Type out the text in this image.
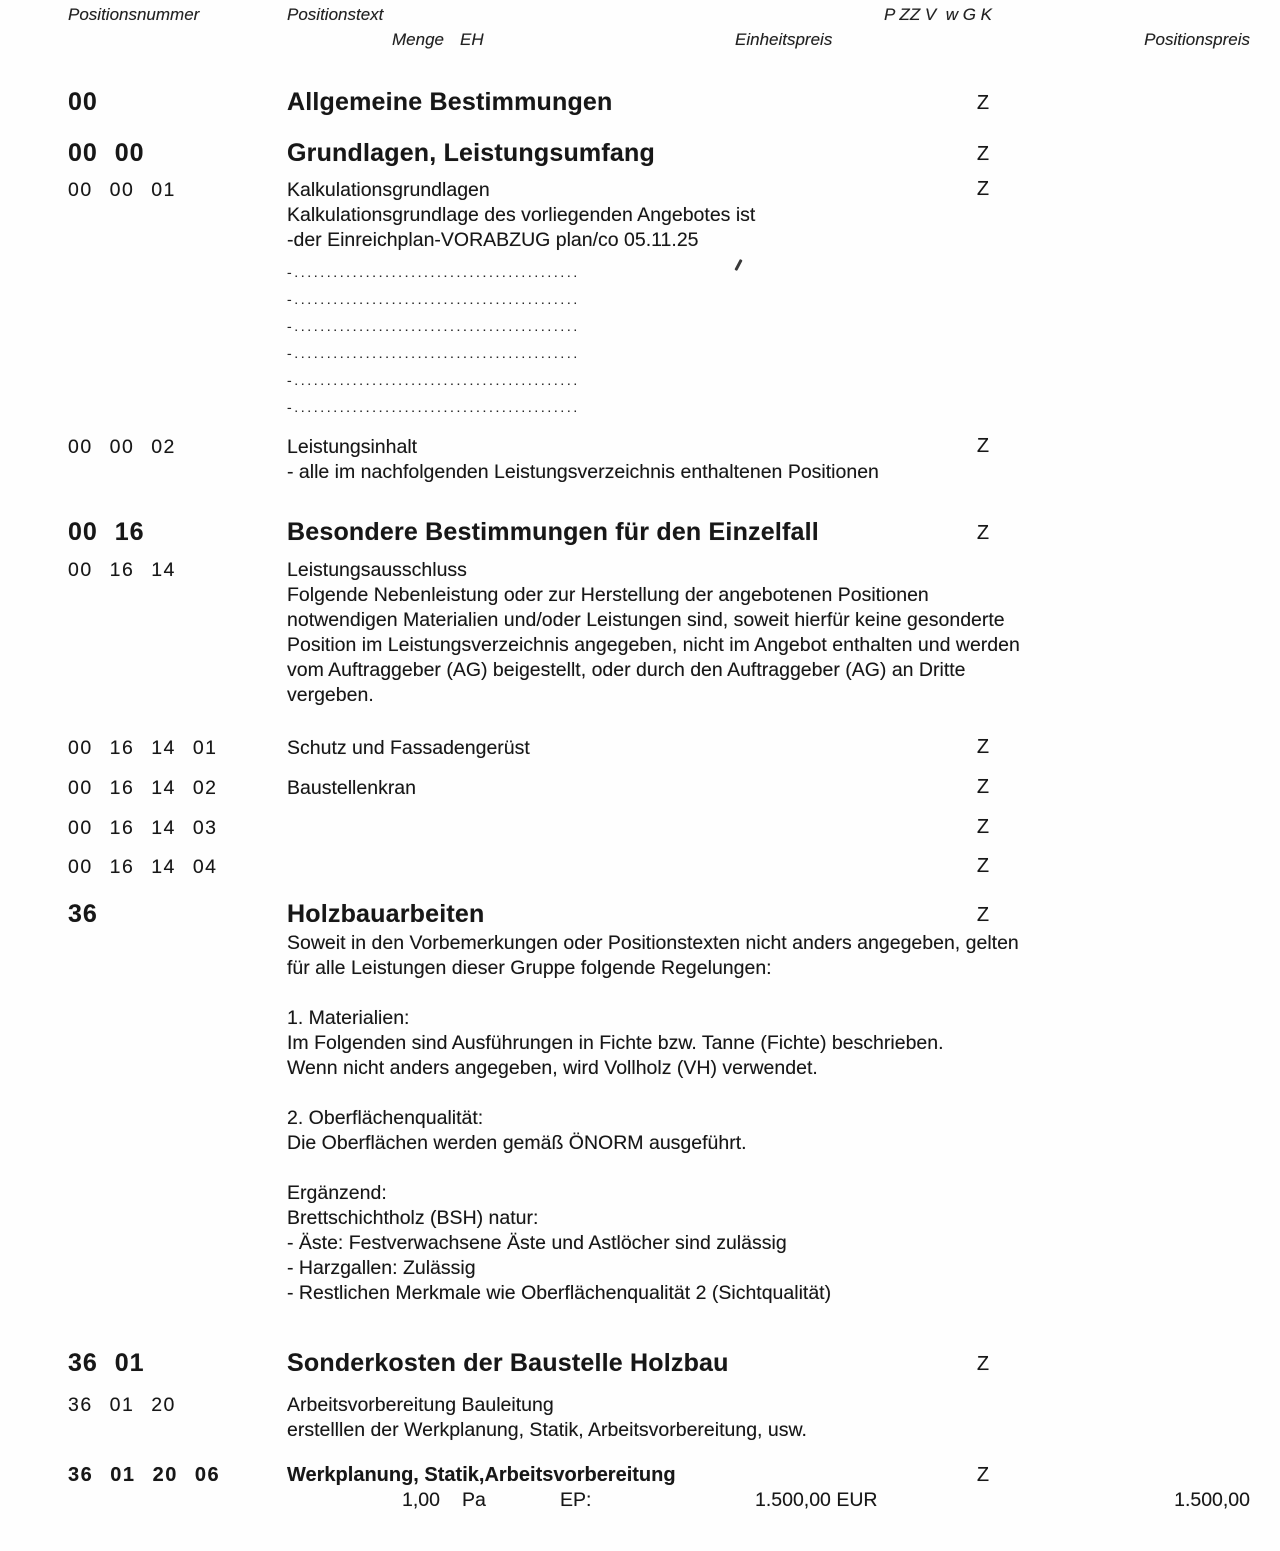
Positionsnummer	Positionstext	P ZZ V  w G K
Menge EH	Einheitspreis	Positionspreis
00	Allgemeine Bestimmungen	Z
00 00	Grundlagen, Leistungsumfang	Z
00 00 01	Kalkulationsgrundlagen	Z
Kalkulationsgrundlage des vorliegenden Angebotes ist
-der Einreichplan-VORABZUG plan/co 05.11.25
-............................................
-............................................
-............................................
-............................................
-............................................
-............................................
00 00 02	Leistungsinhalt	Z
- alle im nachfolgenden Leistungsverzeichnis enthaltenen Positionen
00 16	Besondere Bestimmungen für den Einzelfall	Z
00 16 14	Leistungsausschluss
Folgende Nebenleistung oder zur Herstellung der angebotenen Positionen
notwendigen Materialien und/oder Leistungen sind, soweit hierfür keine gesonderte
Position im Leistungsverzeichnis angegeben, nicht im Angebot enthalten und werden
vom Auftraggeber (AG) beigestellt, oder durch den Auftraggeber (AG) an Dritte
vergeben.
00 16 14 01	Schutz und Fassadengerüst	Z
00 16 14 02	Baustellenkran	Z
00 16 14 03	Z
00 16 14 04	Z
36	Holzbauarbeiten	Z
Soweit in den Vorbemerkungen oder Positionstexten nicht anders angegeben, gelten
für alle Leistungen dieser Gruppe folgende Regelungen:
1. Materialien:
Im Folgenden sind Ausführungen in Fichte bzw. Tanne (Fichte) beschrieben.
Wenn nicht anders angegeben, wird Vollholz (VH) verwendet.
2. Oberflächenqualität:
Die Oberflächen werden gemäß ÖNORM ausgeführt.
Ergänzend:
Brettschichtholz (BSH) natur:
- Äste: Festverwachsene Äste und Astlöcher sind zulässig
- Harzgallen: Zulässig
- Restlichen Merkmale wie Oberflächenqualität 2 (Sichtqualität)
36 01	Sonderkosten der Baustelle Holzbau	Z
36 01 20	Arbeitsvorbereitung Bauleitung
erstelllen der Werkplanung, Statik, Arbeitsvorbereitung, usw.
36 01 20 06	Werkplanung, Statik,Arbeitsvorbereitung	Z
1,00 Pa	EP:	1.500,00 EUR	1.500,00
